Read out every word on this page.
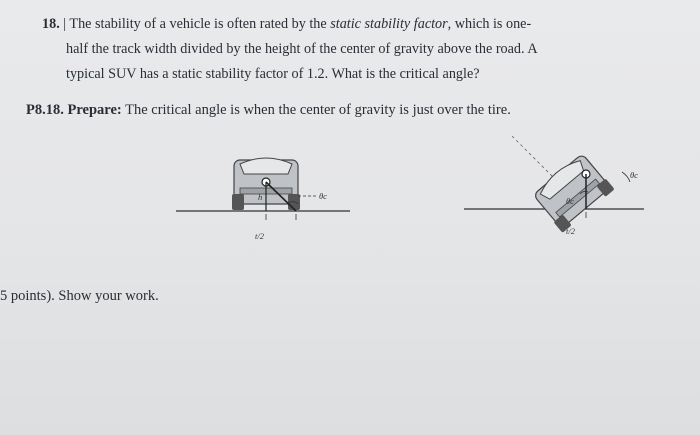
18. | The stability of a vehicle is often rated by the static stability factor, which is one-
half the track width divided by the height of the center of gravity above the road. A
typical SUV has a static stability factor of 1.2. What is the critical angle?
P8.18. Prepare: The critical angle is when the center of gravity is just over the tire.
θc
h
t/2
θc
θc
t/2
5 points). Show your work.
